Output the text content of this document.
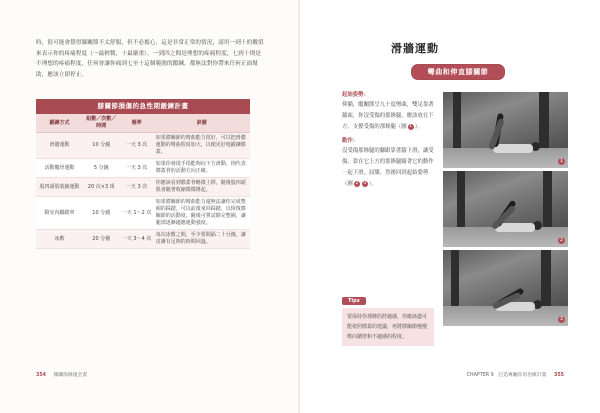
時，很可能會覺得膝關節不太舒服，但不必擔心，這是非常正常的情況，請用一到十的數值來表示你的疼痛程度（一最輕微，十最嚴重），一到四之間是理想的疼痛程度，七到十則是不理想的疼痛程度，任何會讓你痛到七至十這個範圍的鍛鍊，都無法對你帶來任何正面幫助，應該立即停止。
膝關節損傷的急性期鍛鍊計畫
鍛鍊方式	組數／次數／時間	頻率	訣竅
滑牆運動	10 分鐘	一天 3 次	如果膝關節的彎曲能力很好，可以把滑牆運動的彎曲程度加大，以便更好地鍛鍊膝蓋。
活動髖骨運動	5 分鐘	一天 3 次	如果你發現手指能夠向下方滑動，則代表膝蓋骨的活動方向正確。
股四頭肌收縮運動	20 次×3 組	一天 3 次	你應該看到膝蓋骨略微上移，隨後股四頭肌會隨著收縮微微隆起。
騎室內腳踏車	10 分鐘	一天 1～2 次	如果膝關節的彎曲能力還無法讓你完成整圈的踩踏，可以前後來回踩踏，以恢復膝關節的活動度。隨後可嘗試騎完整圈，讓腿部逐漸適應運動強度。
冰敷	20 分鐘	一天 3～4 次	每次冰敷之間，至少要間隔二十分鐘，讓皮膚有足夠的時間回溫。
354 膝關節修復全書
滑牆運動
彎曲和伸直膝關節
起始姿勢：
仰躺，髖關節呈九十度彎曲，雙足靠著牆面，你沒受傷的那條腿，應該放在下方，支撐受傷的那條腿（圖 1 ）。
動作：
沒受傷那條腿的腳跟靠著牆下滑，讓受傷、靠在它上方的那條腿隨著它的動作一起下滑，屈膝，然後回到起始姿勢（圖 2 3 ）。
1
2
3
Tips
要保持你那條的舒適感，你應該盡可能依照膝蓋的建議，再將膝關節慢慢彎向牆壁和不適感的程度。
CHAPTER 9　打造專屬你的治療計畫 355
